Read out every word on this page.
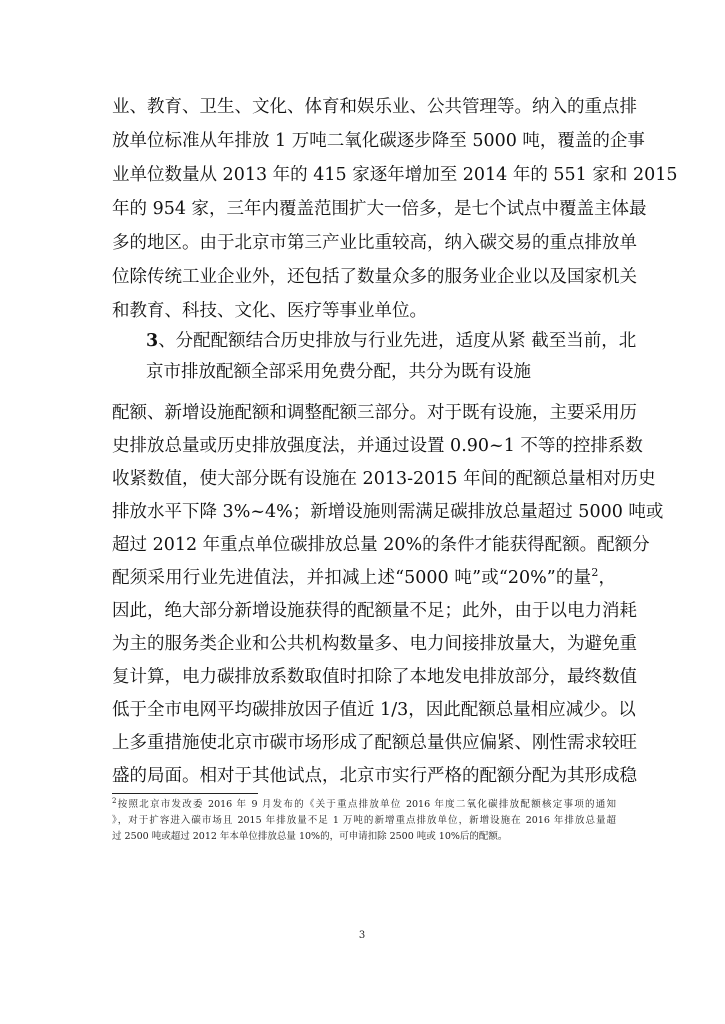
业、教育、卫生、文化、体育和娱乐业、公共管理等。纳入的重点排
放单位标准从年排放 1 万吨二氧化碳逐步降至 5000 吨，覆盖的企事
业单位数量从 2013 年的 415 家逐年增加至 2014 年的 551 家和 2015
年的 954 家，三年内覆盖范围扩大一倍多，是七个试点中覆盖主体最
多的地区。由于北京市第三产业比重较高，纳入碳交易的重点排放单
位除传统工业企业外，还包括了数量众多的服务业企业以及国家机关
和教育、科技、文化、医疗等事业单位。
3、分配配额结合历史排放与行业先进，适度从紧 截至当前，北
京市排放配额全部采用免费分配，共分为既有设施
配额、新增设施配额和调整配额三部分。对于既有设施，主要采用历
史排放总量或历史排放强度法，并通过设置 0.90~1 不等的控排系数
收紧数值，使大部分既有设施在 2013-2015 年间的配额总量相对历史
排放水平下降 3%~4%；新增设施则需满足碳排放总量超过 5000 吨或
超过 2012 年重点单位碳排放总量 20%的条件才能获得配额。配额分
配须采用行业先进值法，并扣减上述“5000 吨”或“20%”的量$^2$，
因此，绝大部分新增设施获得的配额量不足；此外，由于以电力消耗
为主的服务类企业和公共机构数量多、电力间接排放量大，为避免重
复计算，电力碳排放系数取值时扣除了本地发电排放部分，最终数值
低于全市电网平均碳排放因子值近 1/3，因此配额总量相应减少。以
上多重措施使北京市碳市场形成了配额总量供应偏紧、刚性需求较旺
盛的局面。相对于其他试点，北京市实行严格的配额分配为其形成稳
$^2$按照北京市发改委 2016 年 9 月发布的《关于重点排放单位 2016 年度二氧化碳排放配额核定事项的通知
》，对于扩容进入碳市场且 2015 年排放量不足 1 万吨的新增重点排放单位，新增设施在 2016 年排放总量超
过 2500 吨或超过 2012 年本单位排放总量 10%的，可申请扣除 2500 吨或 10%后的配额。
3
